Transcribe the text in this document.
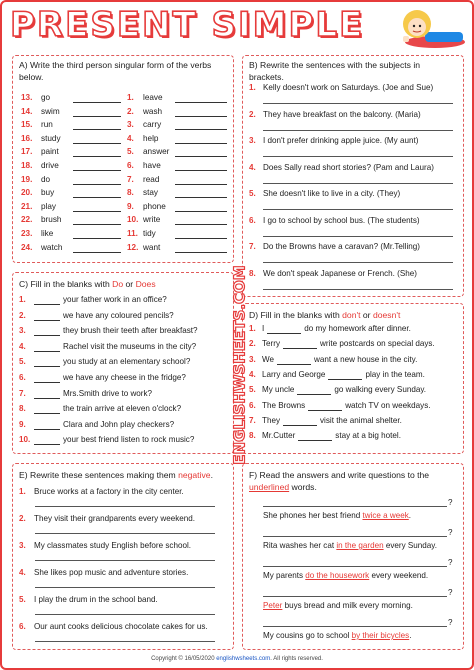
PRESENT SIMPLE
A) Write the third person singular form of the verbs below.
13. go
14. swim
15. run
16. study
17. paint
18. drive
19. do
20. buy
21. play
22. brush
23. like
24. watch
1. leave
2. wash
3. carry
4. help
5. answer
6. have
7. read
8. stay
9. phone
10. write
11. tidy
12. want
B) Rewrite the sentences with the subjects in brackets.
1. Kelly doesn't work on Saturdays. (Joe and Sue)
2. They have breakfast on the balcony. (Maria)
3. I don't prefer drinking apple juice. (My aunt)
4. Does Sally read short stories? (Pam and Laura)
5. She doesn't like to live in a city. (They)
6. I go to school by school bus. (The students)
7. Do the Browns have a caravan? (Mr.Telling)
8. We don't speak Japanese or French. (She)
C) Fill in the blanks with Do or Does
1.	your father work in an office?
2.	we have any coloured pencils?
3.	they brush their teeth after breakfast?
4.	Rachel visit the museums in the city?
5.	you study at an elementary school?
6.	we have any cheese in the fridge?
7.	Mrs.Smith drive to work?
8.	the train arrive at eleven o'clock?
9.	Clara and John play checkers?
10.	your best friend listen to rock music?
D) Fill in the blanks with don't or doesn't
1. I	do my homework after dinner.
2. Terry	write postcards on special days.
3. We	want a new house in the city.
4. Larry and George	play in the team.
5. My uncle	go walking every Sunday.
6. The Browns	watch TV on weekdays.
7. They	visit the animal shelter.
8. Mr.Cutter	stay at a big hotel.
E) Rewrite these sentences making them negative.
1. Bruce works at a factory in the city center.
2. They visit their grandparents every weekend.
3. My classmates study English before school.
4. She likes pop music and adventure stories.
5. I play the drum in the school band.
6. Our aunt cooks delicious chocolate cakes for us.
F) Read the answers and write questions to the
underlined words.
?
She phones her best friend twice a week.
?
Rita washes her cat in the garden every Sunday.
?
My parents do the housework every weekend.
?
Peter buys bread and milk every morning.
?
My cousins go to school by their bicycles.
ENGLISHWSHEETS.COM
Copyright © 16/05/2020 englishwsheets.com. All rights reserved.
